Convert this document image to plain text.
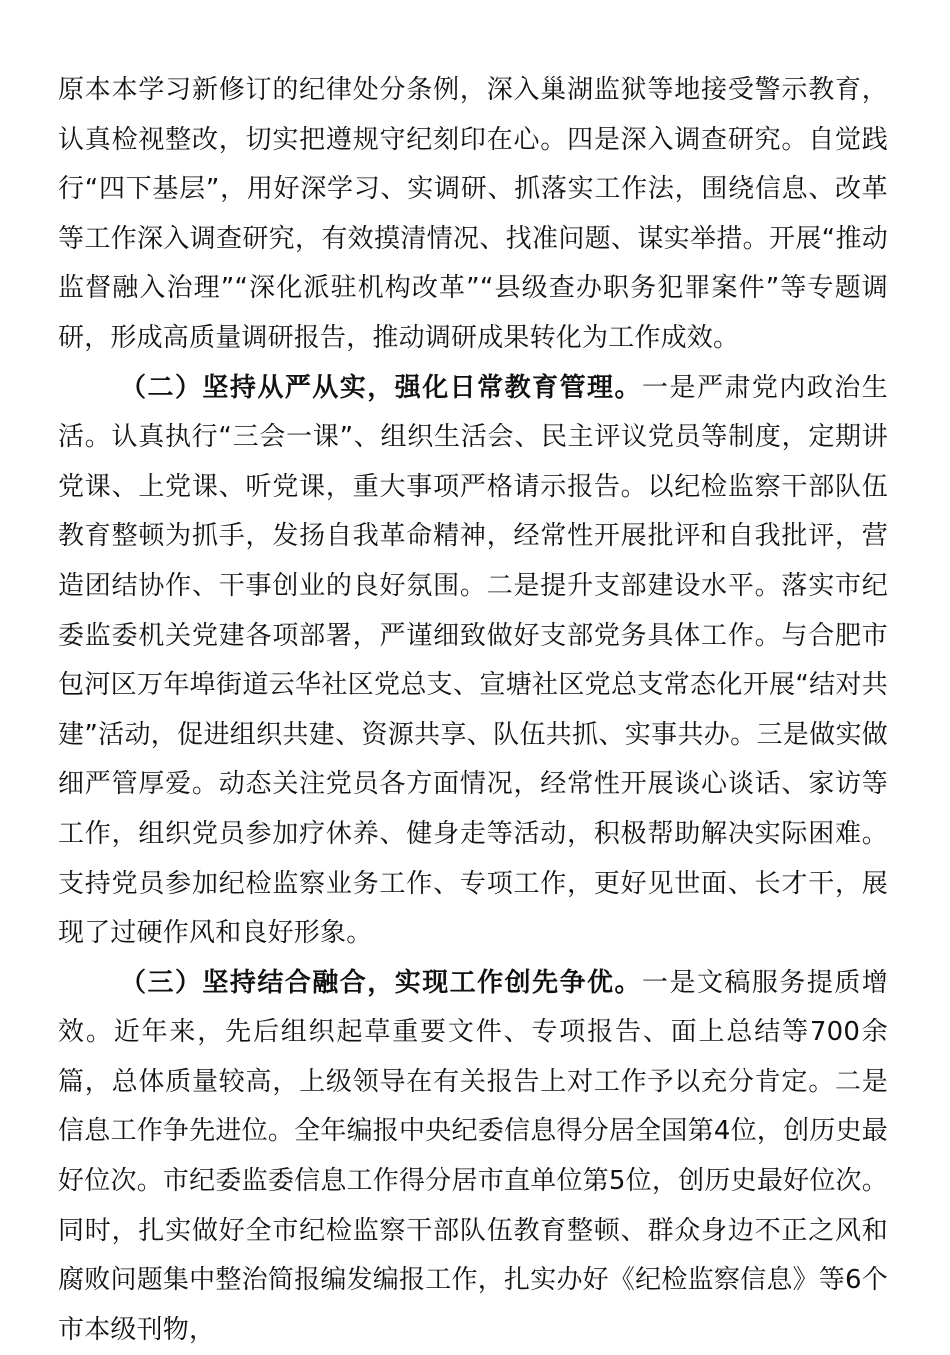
原本本学习新修订的纪律处分条例，深入巢湖监狱等地接受警示教育，认真检视整改，切实把遵规守纪刻印在心。四是深入调查研究。自觉践行“四下基层”，用好深学习、实调研、抓落实工作法，围绕信息、改革等工作深入调查研究，有效摸清情况、找准问题、谋实举措。开展“推动监督融入治理”“深化派驻机构改革”“县级查办职务犯罪案件”等专题调研，形成高质量调研报告，推动调研成果转化为工作成效。

（二）坚持从严从实，强化日常教育管理。一是严肃党内政治生活。认真执行“三会一课”、组织生活会、民主评议党员等制度，定期讲党课、上党课、听党课，重大事项严格请示报告。以纪检监察干部队伍教育整顿为抓手，发扬自我革命精神，经常性开展批评和自我批评，营造团结协作、干事创业的良好氛围。二是提升支部建设水平。落实市纪委监委机关党建各项部署，严谨细致做好支部党务具体工作。与合肥市包河区万年埠街道云华社区党总支、宣塘社区党总支常态化开展“结对共建”活动，促进组织共建、资源共享、队伍共抓、实事共办。三是做实做细严管厚爱。动态关注党员各方面情况，经常性开展谈心谈话、家访等工作，组织党员参加疗休养、健身走等活动，积极帮助解决实际困难。支持党员参加纪检监察业务工作、专项工作，更好见世面、长才干，展现了过硬作风和良好形象。

（三）坚持结合融合，实现工作创先争优。一是文稿服务提质增效。近年来，先后组织起草重要文件、专项报告、面上总结等700余篇，总体质量较高，上级领导在有关报告上对工作予以充分肯定。二是信息工作争先进位。全年编报中央纪委信息得分居全国第4位，创历史最好位次。市纪委监委信息工作得分居市直单位第5位，创历史最好位次。同时，扎实做好全市纪检监察干部队伍教育整顿、群众身边不正之风和腐败问题集中整治简报编发编报工作，扎实办好《纪检监察信息》等6个市本级刊物，
